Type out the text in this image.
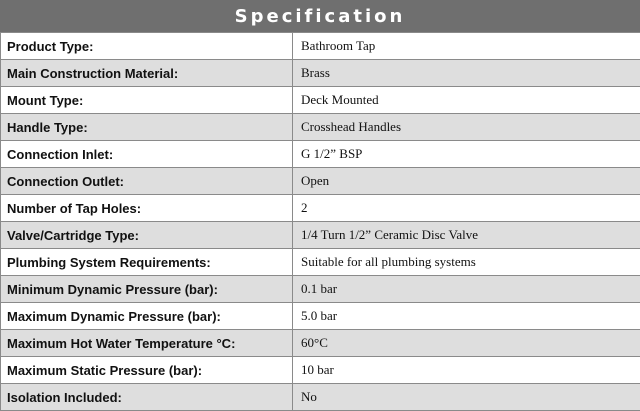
Specification
Product Type:	Bathroom Tap
Main Construction Material:	Brass
Mount Type:	Deck Mounted
Handle Type:	Crosshead Handles
Connection Inlet:	G 1/2” BSP
Connection Outlet:	Open
Number of Tap Holes:	2
Valve/Cartridge Type:	1/4 Turn 1/2” Ceramic Disc Valve
Plumbing System Requirements:	Suitable for all plumbing systems
Minimum Dynamic Pressure (bar):	0.1 bar
Maximum Dynamic Pressure (bar):	5.0 bar
Maximum Hot Water Temperature °C:	60°C
Maximum Static Pressure (bar):	10 bar
Isolation Included:	No
